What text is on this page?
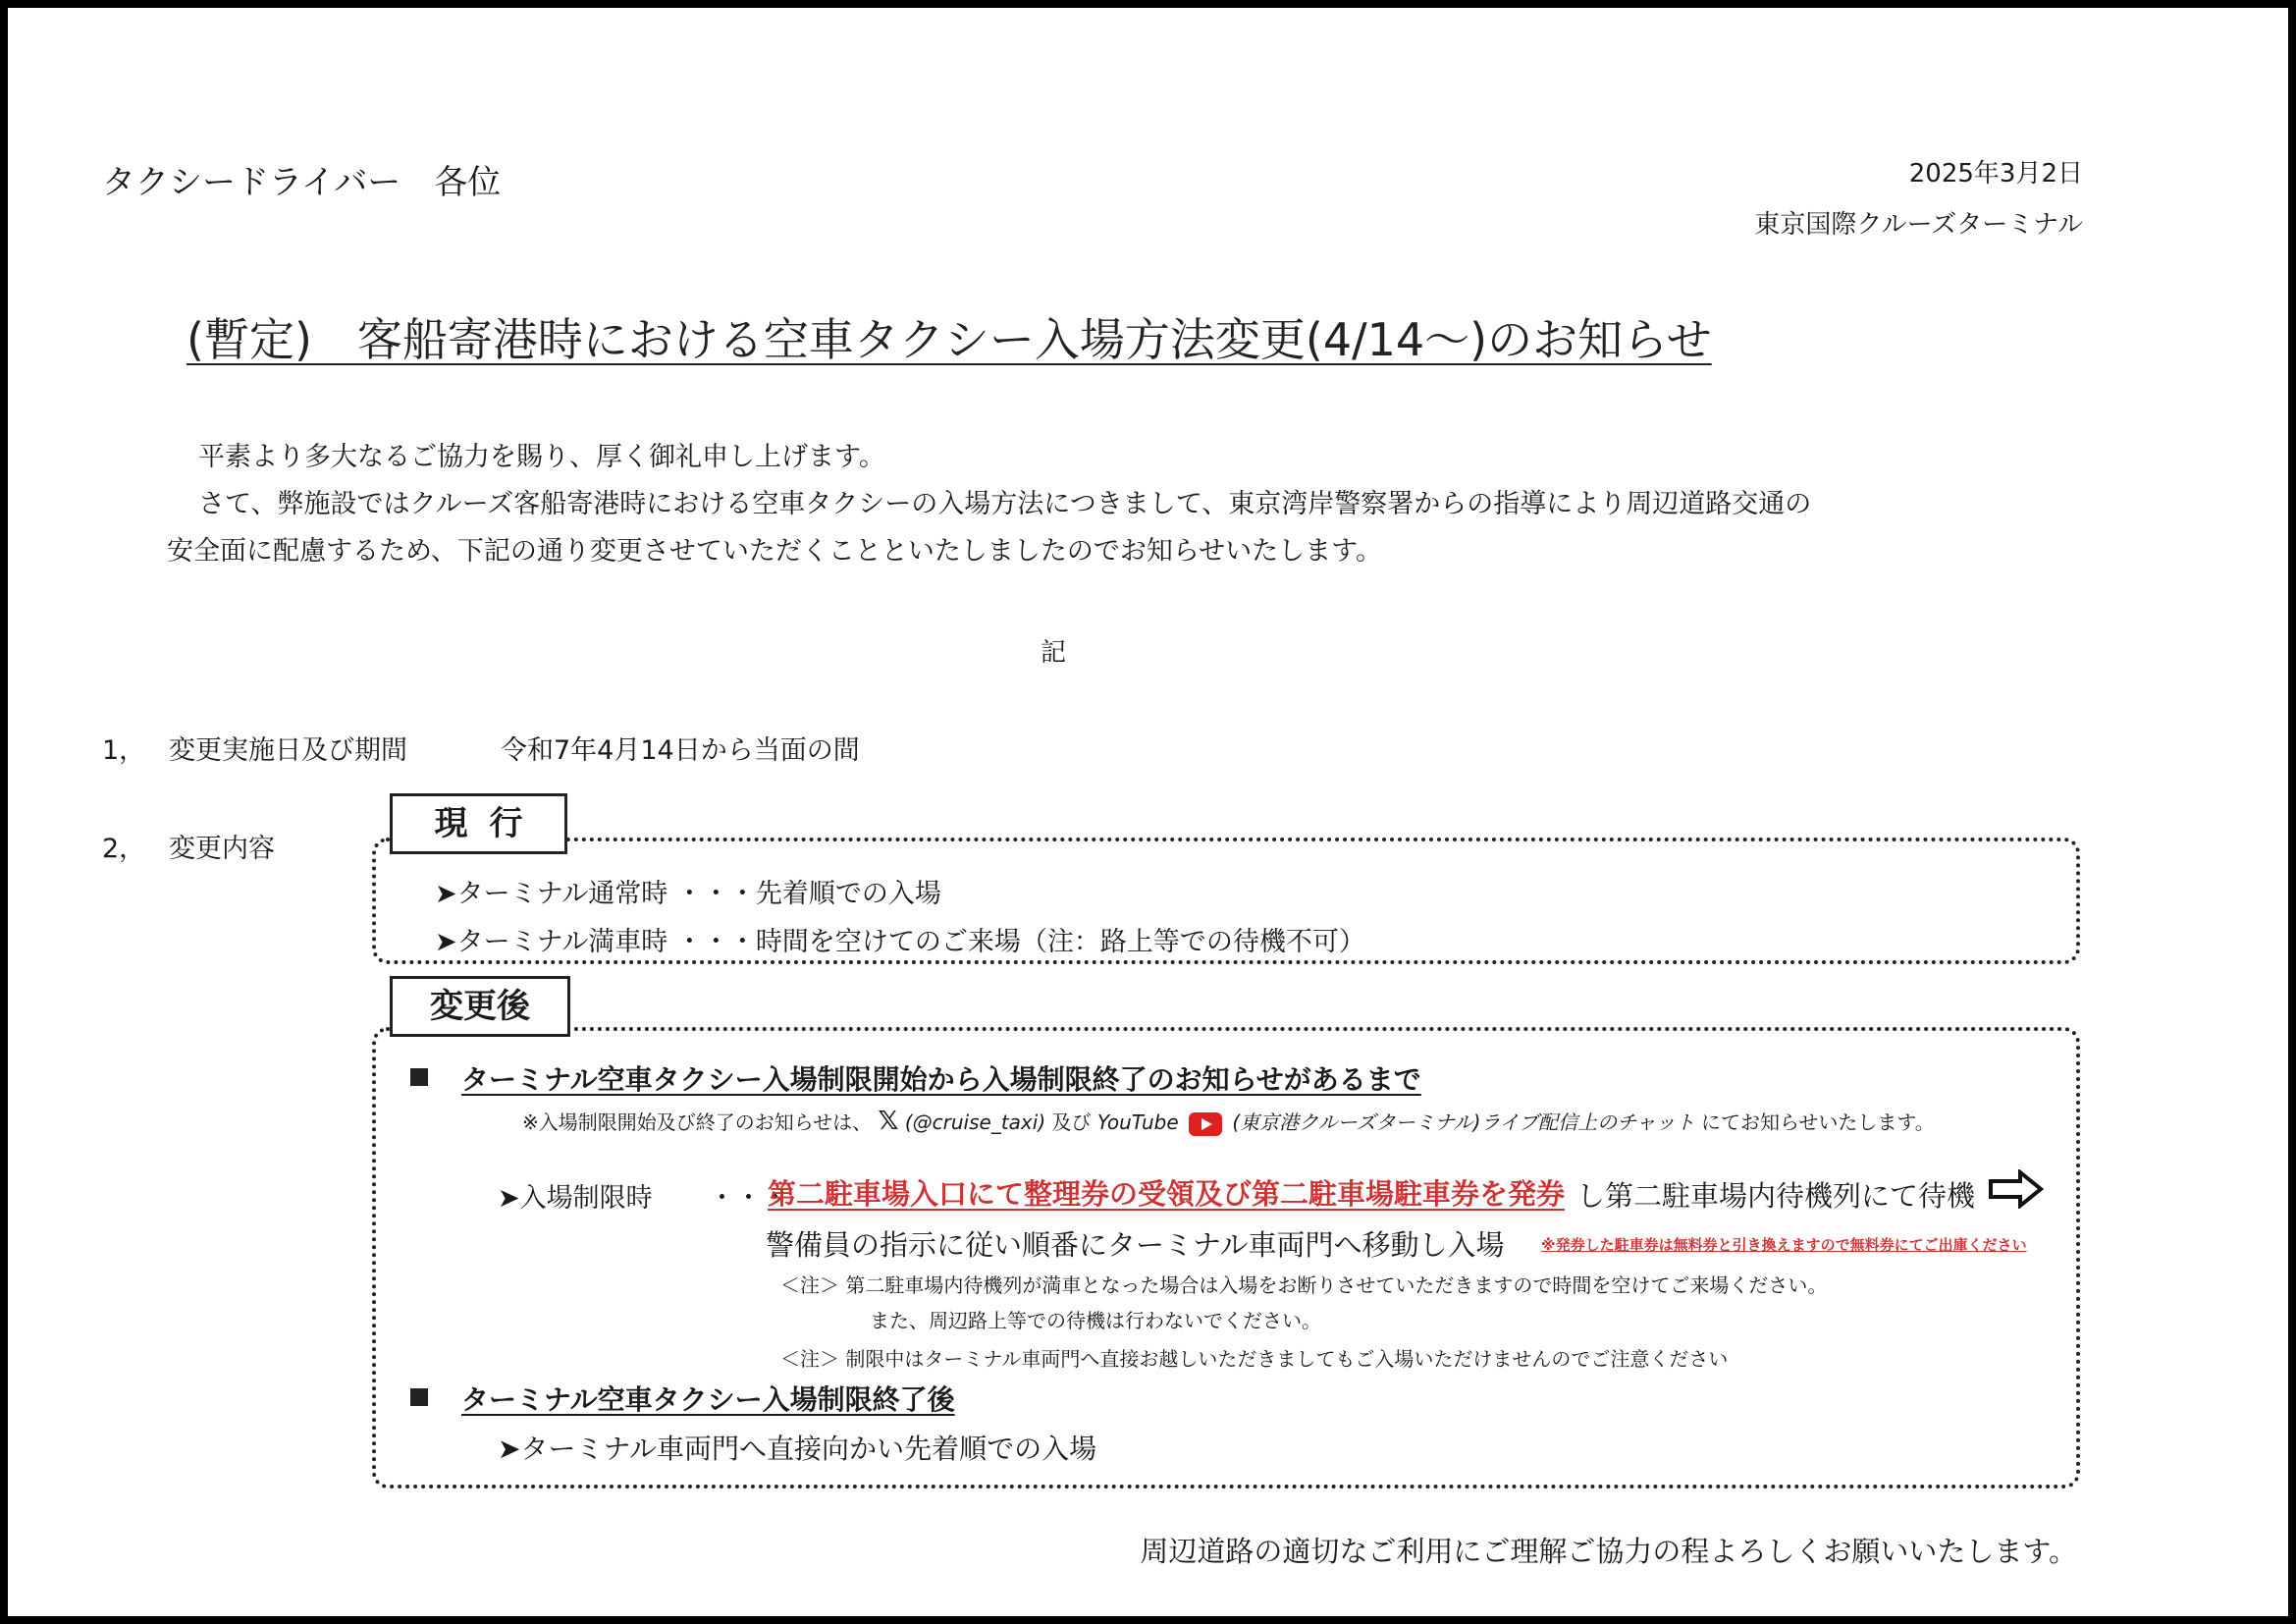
タクシードライバー　各位	2025年3月2日
東京国際クルーズターミナル
(暫定)　客船寄港時における空車タクシー入場方法変更(4/14～)のお知らせ
平素より多大なるご協力を賜り、厚く御礼申し上げます。
さて、弊施設ではクルーズ客船寄港時における空車タクシーの入場方法につきまして、東京湾岸警察署からの指導により周辺道路交通の
安全面に配慮するため、下記の通り変更させていただくことといたしましたのでお知らせいたします。
記
1， 変更実施日及び期間	令和7年4月14日から当面の間
2， 変更内容
現行
➤ターミナル通常時 ・・・先着順での入場
➤ターミナル満車時 ・・・時間を空けてのご来場（注：路上等での待機不可）
変更後
ターミナル空車タクシー入場制限開始から入場制限終了のお知らせがあるまで
※入場制限開始及び終了のお知らせは、 𝕏 (@cruise_taxi) 及び YouTube	(東京港クルーズターミナル)ライブ配信上のチャット にてお知らせいたします。
➤入場制限時 ・・・
第二駐車場入口にて整理券の受領及び第二駐車場駐車券を発券 し第二駐車場内待機列にて待機
警備員の指示に従い順番にターミナル車両門へ移動し入場 ※発券した駐車券は無料券と引き換えますので無料券にてご出庫ください
＜注＞ 第二駐車場内待機列が満車となった場合は入場をお断りさせていただきますので時間を空けてご来場ください。
また、周辺路上等での待機は行わないでください。
＜注＞ 制限中はターミナル車両門へ直接お越しいただきましてもご入場いただけませんのでご注意ください
ターミナル空車タクシー入場制限終了後
➤ターミナル車両門へ直接向かい先着順での入場
周辺道路の適切なご利用にご理解ご協力の程よろしくお願いいたします。
